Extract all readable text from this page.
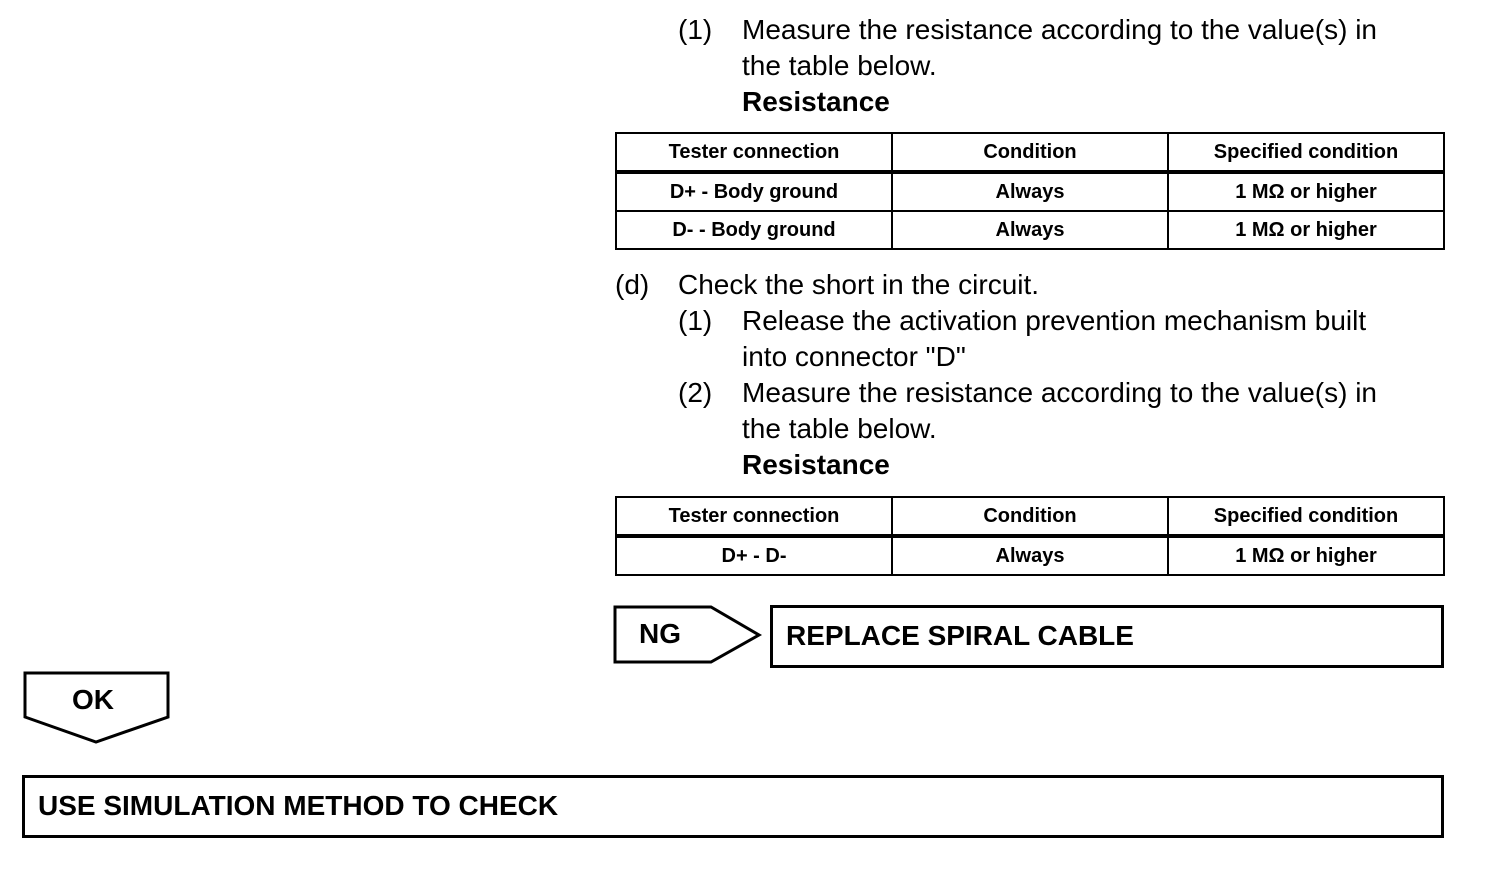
(1) Measure the resistance according to the value(s) in
the table below.
Resistance
Tester connection	Condition	Specified condition
D+ - Body ground	Always	1 MΩ or higher
D- - Body ground	Always	1 MΩ or higher
(d) Check the short in the circuit.
(1) Release the activation prevention mechanism built
into connector "D"
(2) Measure the resistance according to the value(s) in
the table below.
Resistance
Tester connection	Condition	Specified condition
D+ - D-	Always	1 MΩ or higher
NG	REPLACE SPIRAL CABLE
OK
USE SIMULATION METHOD TO CHECK
